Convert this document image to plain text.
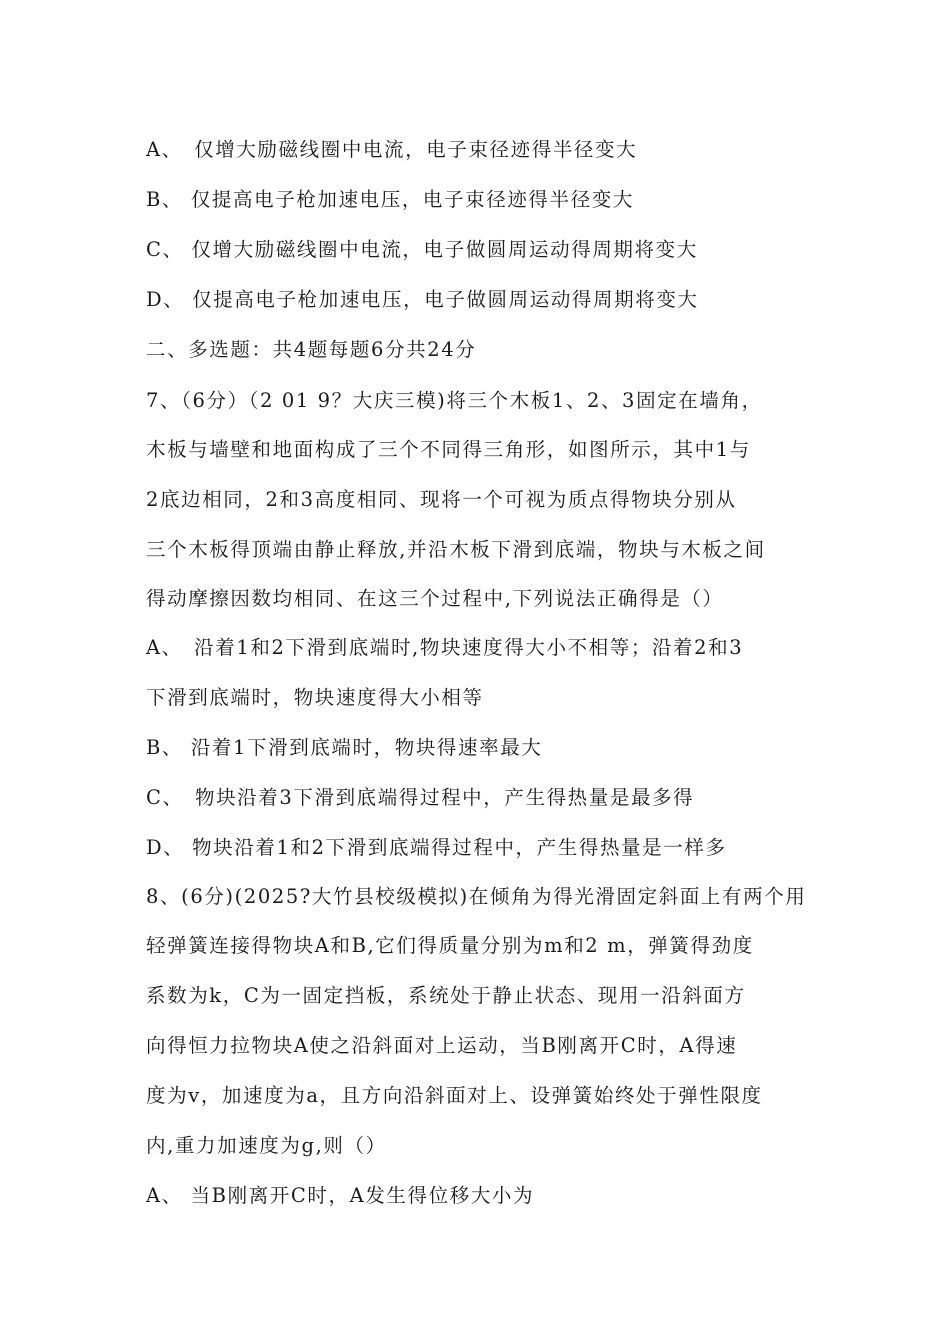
A、　仅增大励磁线圈中电流，电子束径迹得半径变大
B、 仅提高电子枪加速电压，电子束径迹得半径变大
C、 仅增大励磁线圈中电流，电子做圆周运动得周期将变大
D、 仅提高电子枪加速电压，电子做圆周运动得周期将变大
二、多选题：共4题每题6分共24分
7、（6分）（2 01 9？大庆三模)将三个木板1、2、3固定在墙角，
木板与墙壁和地面构成了三个不同得三角形，如图所示，其中1与
2底边相同，2和3高度相同、现将一个可视为质点得物块分别从
三个木板得顶端由静止释放,并沿木板下滑到底端，物块与木板之间
得动摩擦因数均相同、在这三个过程中,下列说法正确得是（）
A、　沿着1和2下滑到底端时,物块速度得大小不相等；沿着2和3
下滑到底端时，物块速度得大小相等
B、 沿着1下滑到底端时，物块得速率最大
C、　物块沿着3下滑到底端得过程中，产生得热量是最多得
D、 物块沿着1和2下滑到底端得过程中，产生得热量是一样多
8、(6分)(2025?大竹县校级模拟)在倾角为得光滑固定斜面上有两个用
轻弹簧连接得物块A和B,它们得质量分别为m和2 m，弹簧得劲度
系数为k，C为一固定挡板，系统处于静止状态、现用一沿斜面方
向得恒力拉物块A使之沿斜面对上运动，当B刚离开C时，A得速
度为v，加速度为a，且方向沿斜面对上、设弹簧始终处于弹性限度
内,重力加速度为g,则（）
A、 当B刚离开C时，A发生得位移大小为
